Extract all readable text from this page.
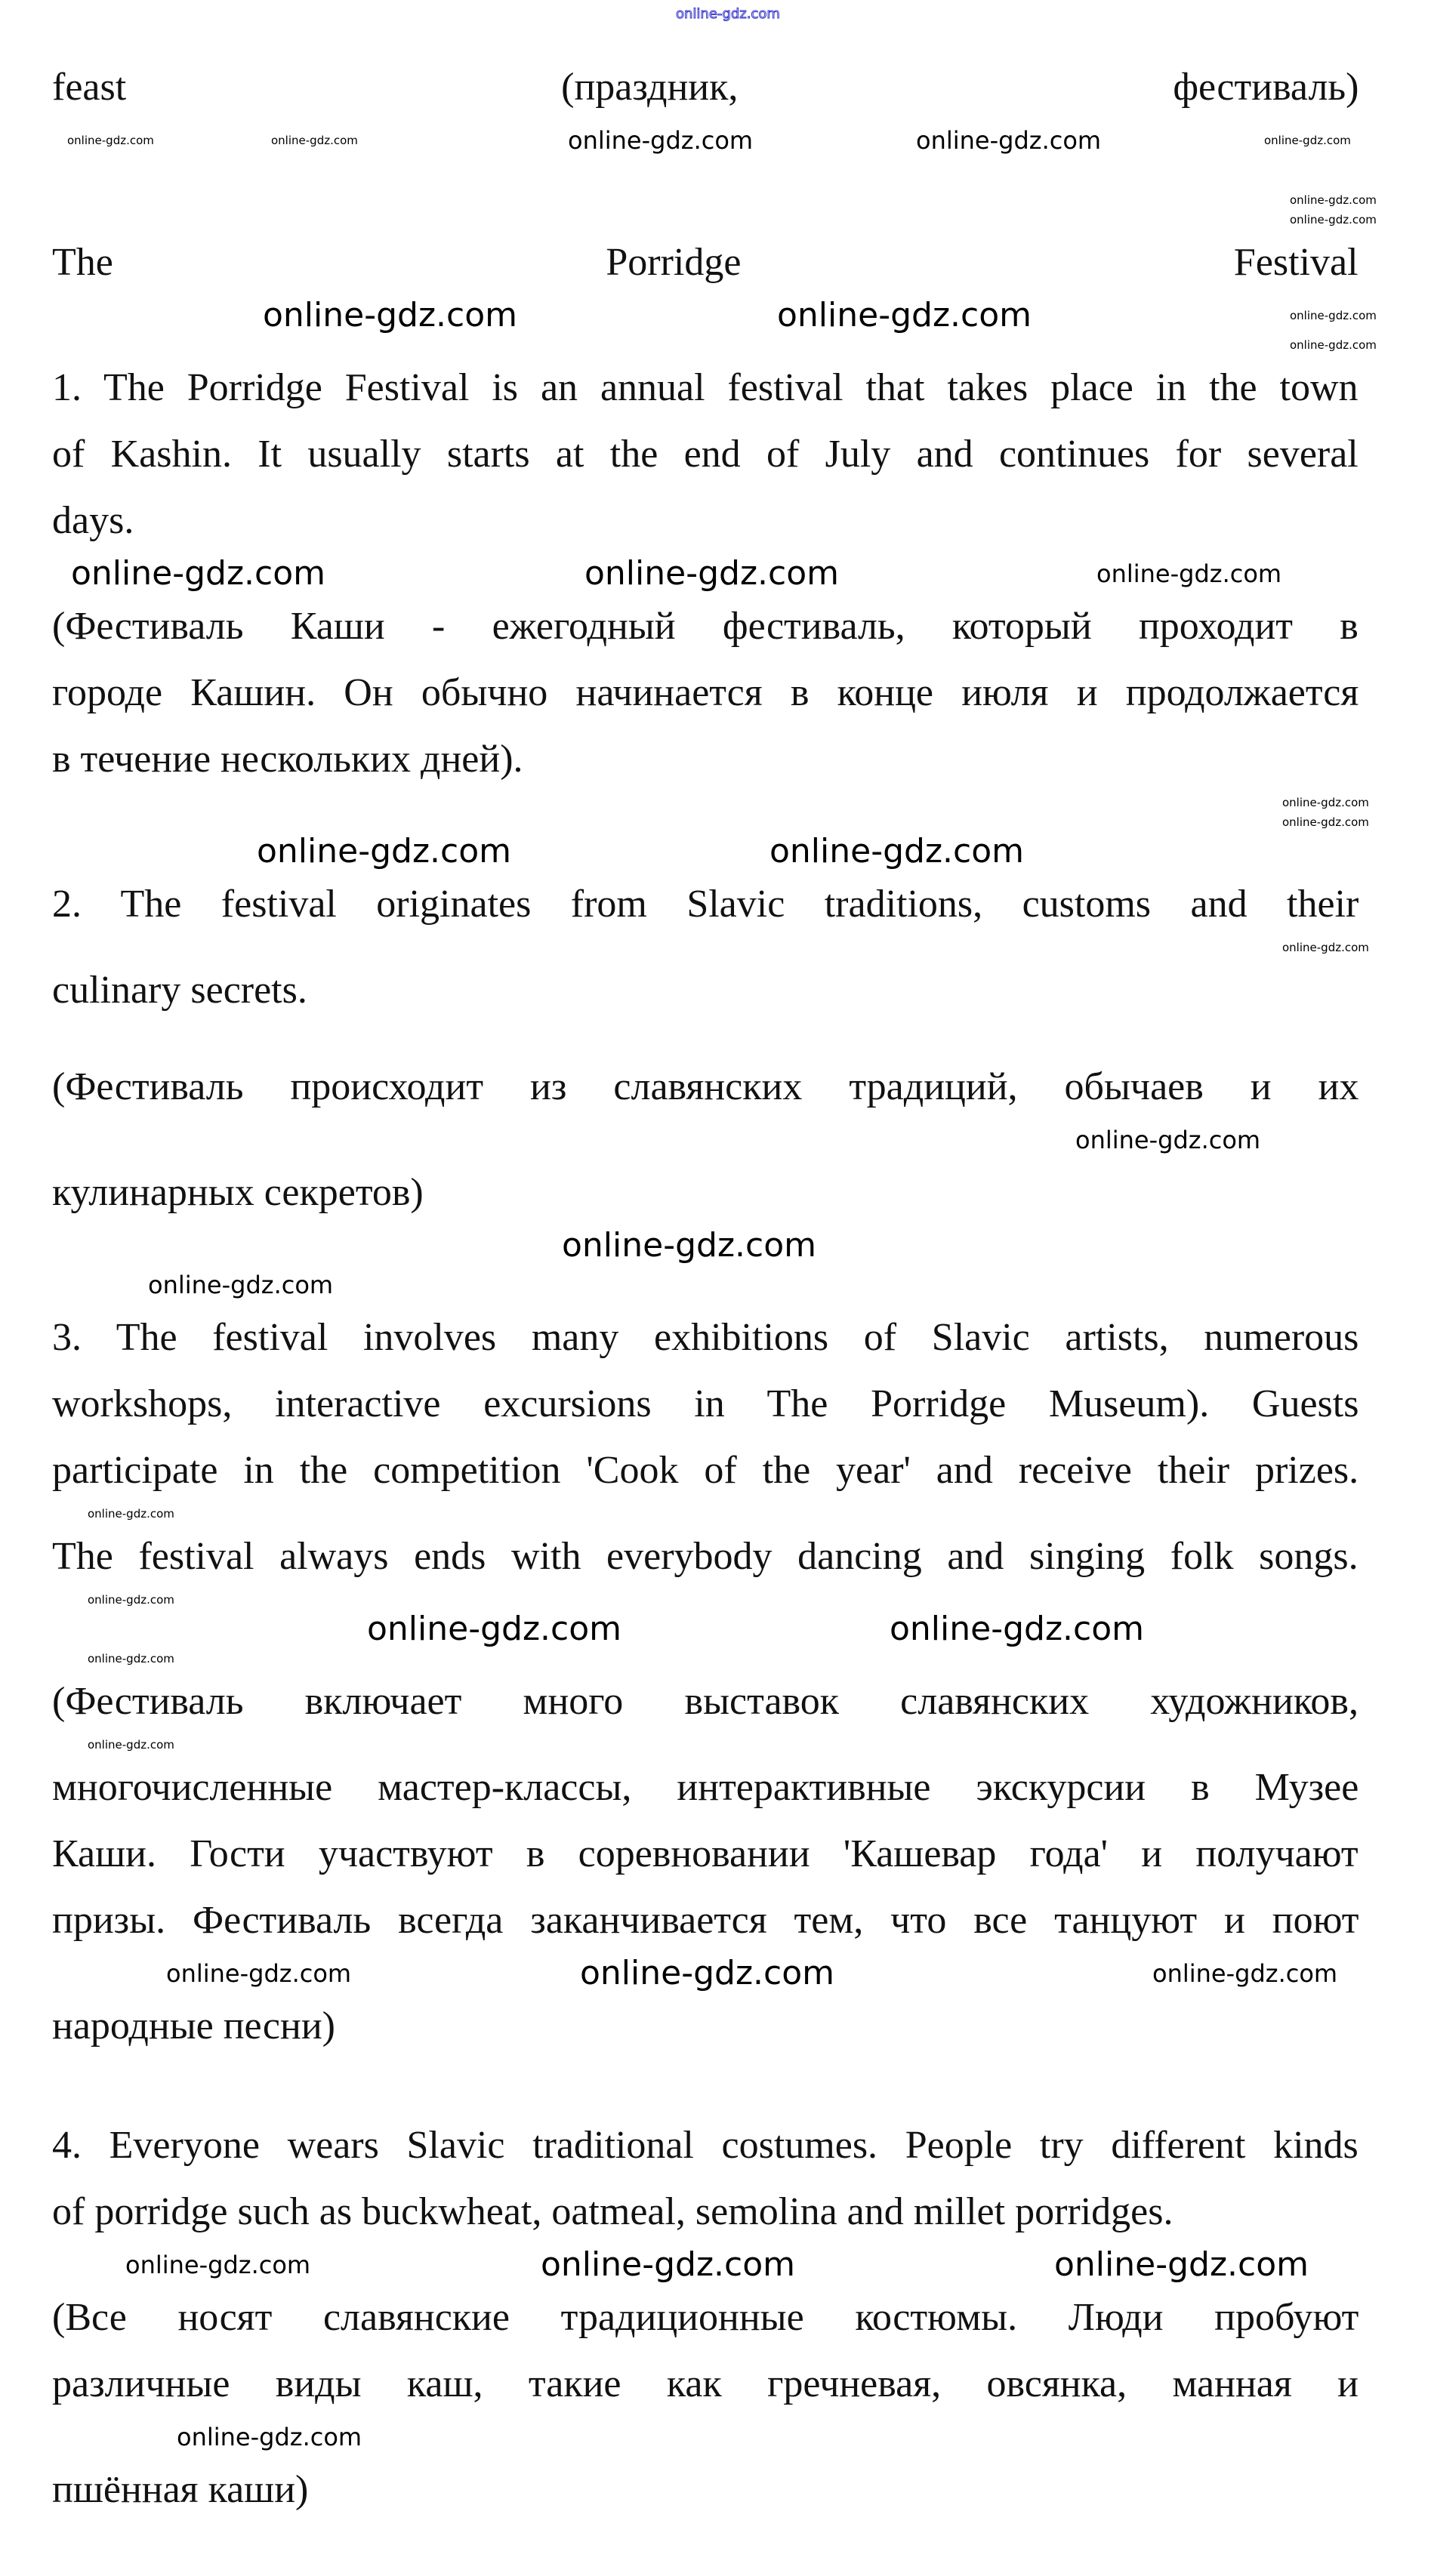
online-gdz.com
feast (праздник, фестиваль)
online-gdz.com	online-gdz.com	online-gdz.com	online-gdz.com	online-gdz.com
online-gdz.com
online-gdz.com
The Porridge Festival
online-gdz.com	online-gdz.com	online-gdz.com
online-gdz.com
1. The Porridge Festival is an annual festival that takes place in the town
of Kashin. It usually starts at the end of July and continues for several
days.
online-gdz.com	online-gdz.com	online-gdz.com
(Фестиваль Каши - ежегодный фестиваль, который проходит в
городе Кашин. Он обычно начинается в конце июля и продолжается
в течение нескольких дней).
online-gdz.com
online-gdz.com
online-gdz.com	online-gdz.com
2. The festival originates from Slavic traditions, customs and their
online-gdz.com
culinary secrets.
(Фестиваль происходит из славянских традиций, обычаев и их
online-gdz.com
кулинарных секретов)
online-gdz.com
online-gdz.com
3. The festival involves many exhibitions of Slavic artists, numerous
workshops, interactive excursions in The Porridge Museum). Guests
participate in the competition 'Cook of the year' and receive their prizes.
online-gdz.com
The festival always ends with everybody dancing and singing folk songs.
online-gdz.com
online-gdz.com	online-gdz.com
online-gdz.com
(Фестиваль включает много выставок славянских художников,
online-gdz.com
многочисленные мастер-классы, интерактивные экскурсии в Музее
Каши. Гости участвуют в соревновании 'Кашевар года' и получают
призы. Фестиваль всегда заканчивается тем, что все танцуют и поют
online-gdz.com	online-gdz.com	online-gdz.com
народные песни)
4. Everyone wears Slavic traditional costumes. People try different kinds
of porridge such as buckwheat, oatmeal, semolina and millet porridges.
online-gdz.com	online-gdz.com	online-gdz.com
(Все носят славянские традиционные костюмы. Люди пробуют
различные виды каш, такие как гречневая, овсянка, манная и
online-gdz.com
пшённая каши)
